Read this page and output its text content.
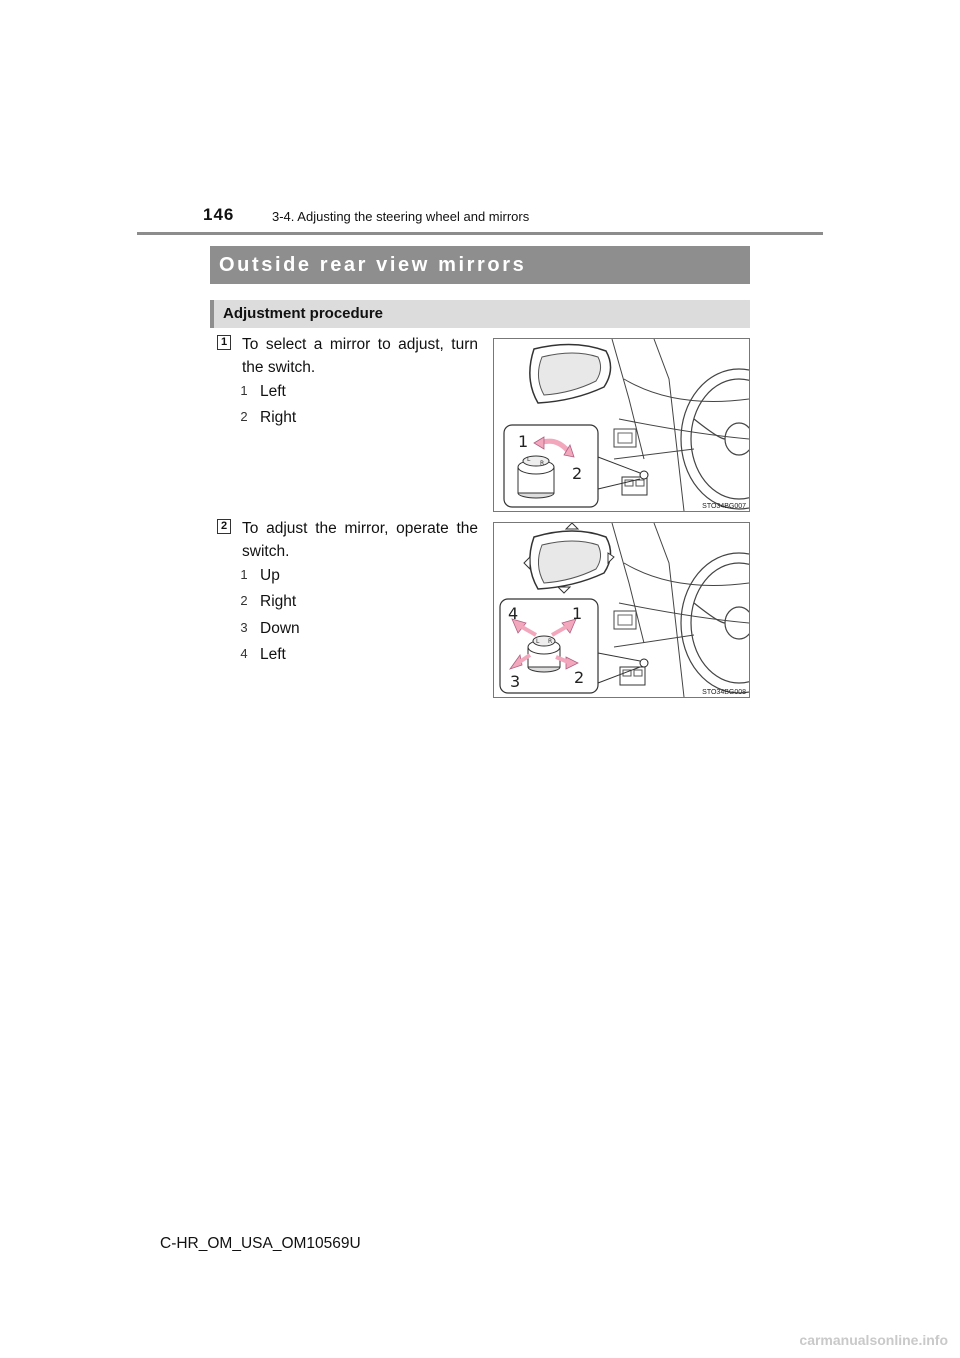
146	3-4. Adjusting the steering wheel and mirrors
Outside rear view mirrors
Adjustment procedure
1 To select a mirror to adjust, turn
the switch.
1 Left
2 Right
1
2
L
R
STO34BG007
2 To adjust the mirror, operate the
switch.
1 Up
2 Right
3 Down
4 Left
4	1
3	2
L R
STO34BG008
C-HR_OM_USA_OM10569U
carmanualsonline.info
